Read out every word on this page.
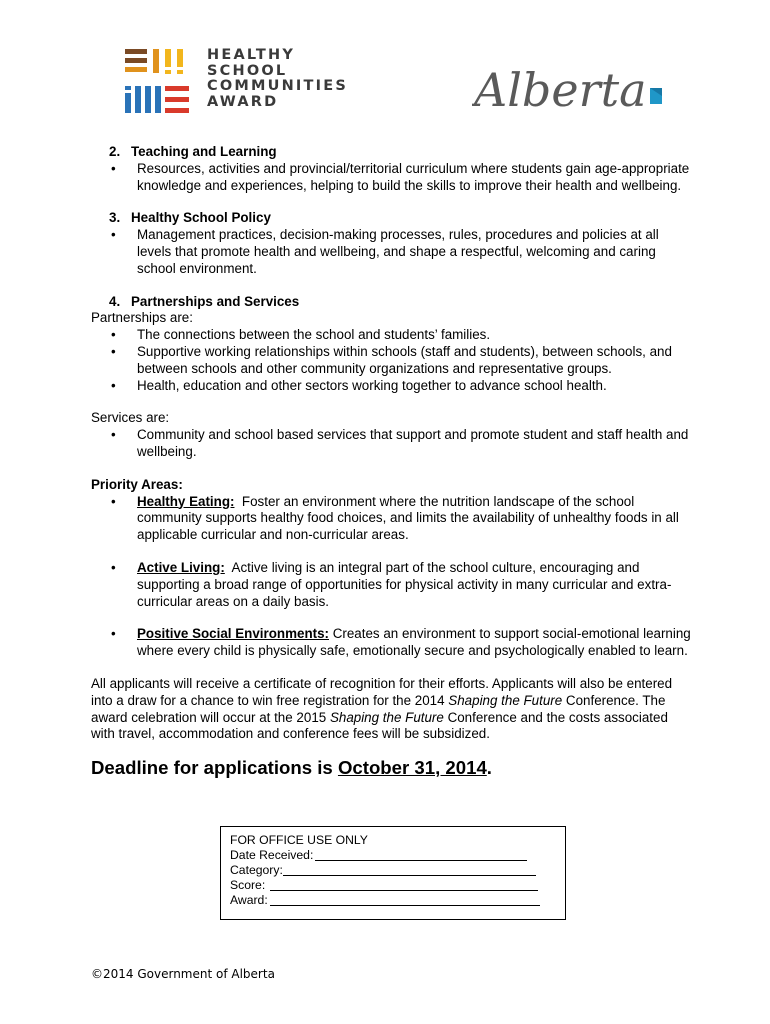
HEALTHY
SCHOOL
COMMUNITIES
AWARD	Alberta
2. Teaching and Learning
• Resources, activities and provincial/territorial curriculum where students gain age-appropriate knowledge and experiences, helping to build the skills to improve their health and wellbeing.
3. Healthy School Policy
• Management practices, decision-making processes, rules, procedures and policies at all levels that promote health and wellbeing, and shape a respectful, welcoming and caring school environment.
4. Partnerships and Services
Partnerships are:
• The connections between the school and students’ families.
• Supportive working relationships within schools (staff and students), between schools, and between schools and other community organizations and representative groups.
• Health, education and other sectors working together to advance school health.
Services are:
• Community and school based services that support and promote student and staff health and wellbeing.
Priority Areas:
• Healthy Eating:  Foster an environment where the nutrition landscape of the school community supports healthy food choices, and limits the availability of unhealthy foods in all applicable curricular and non-curricular areas.
• Active Living:  Active living is an integral part of the school culture, encouraging and supporting a broad range of opportunities for physical activity in many curricular and extra-curricular areas on a daily basis.
• Positive Social Environments: Creates an environment to support social-emotional learning where every child is physically safe, emotionally secure and psychologically enabled to learn.
All applicants will receive a certificate of recognition for their efforts. Applicants will also be entered into a draw for a chance to win free registration for the 2014 Shaping the Future Conference. The award celebration will occur at the 2015 Shaping the Future Conference and the costs associated with travel, accommodation and conference fees will be subsidized.
Deadline for applications is October 31, 2014.
FOR OFFICE USE ONLY
Date Received:
Category:
Score:
Award:
©2014 Government of Alberta
